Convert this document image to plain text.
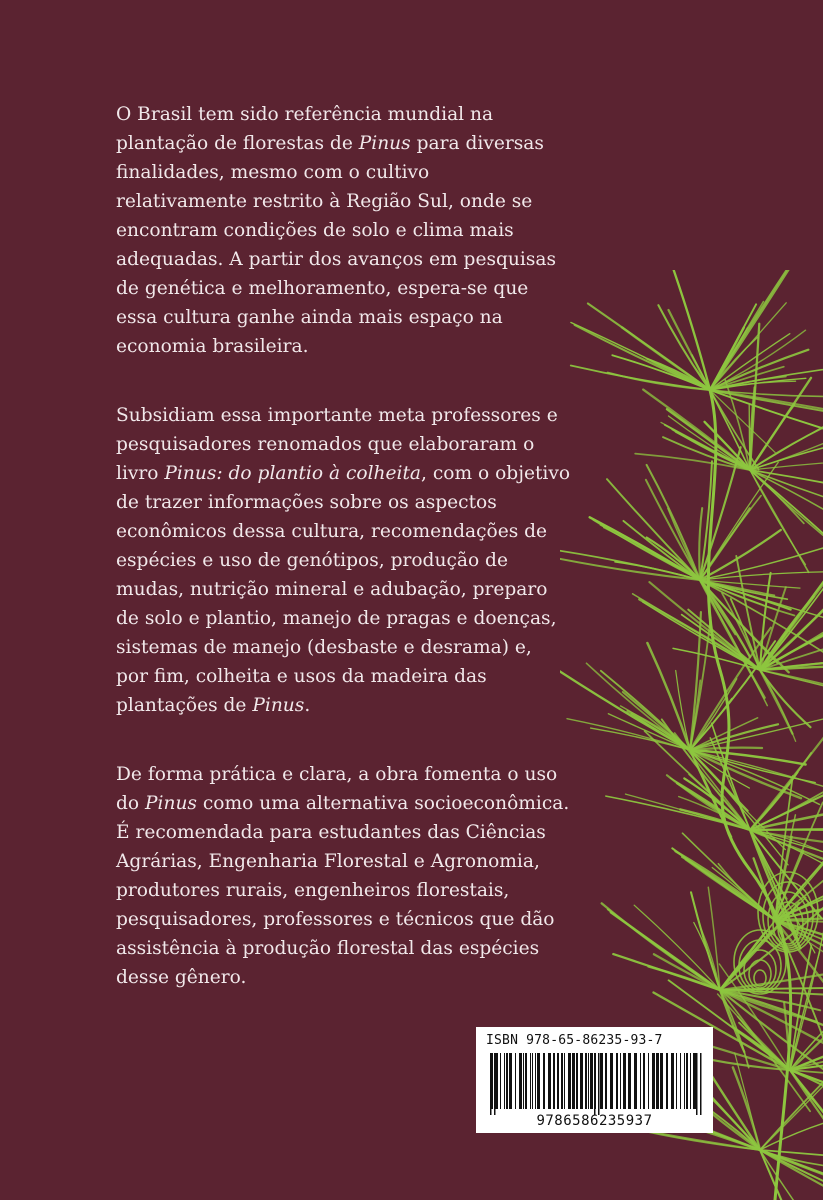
O Brasil tem sido referência mundial na
plantação de florestas de Pinus para diversas
finalidades, mesmo com o cultivo
relativamente restrito à Região Sul, onde se
encontram condições de solo e clima mais
adequadas. A partir dos avanços em pesquisas
de genética e melhoramento, espera-se que
essa cultura ganhe ainda mais espaço na
economia brasileira.

Subsidiam essa importante meta professores e
pesquisadores renomados que elaboraram o
livro Pinus: do plantio à colheita, com o objetivo
de trazer informações sobre os aspectos
econômicos dessa cultura, recomendações de
espécies e uso de genótipos, produção de
mudas, nutrição mineral e adubação, preparo
de solo e plantio, manejo de pragas e doenças,
sistemas de manejo (desbaste e desrama) e,
por fim, colheita e usos da madeira das
plantações de Pinus.

De forma prática e clara, a obra fomenta o uso
do Pinus como uma alternativa socioeconômica.
É recomendada para estudantes das Ciências
Agrárias, Engenharia Florestal e Agronomia,
produtores rurais, engenheiros florestais,
pesquisadores, professores e técnicos que dão
assistência à produção florestal das espécies
desse gênero.

ISBN 978-65-86235-93-7
9786586235937
